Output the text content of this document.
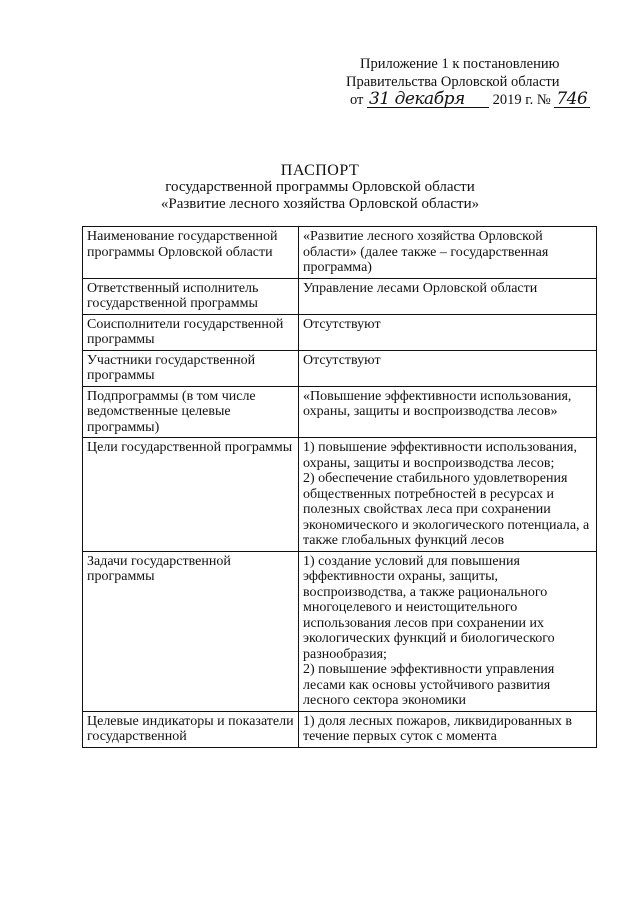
Приложение 1 к постановлению
Правительства Орловской области
от 31 декабря 2019 г. № 746
ПАСПОРТ
государственной программы Орловской области
«Развитие лесного хозяйства Орловской области»
Наименование государственной программы Орловской области	«Развитие лесного хозяйства Орловской области» (далее также – государственная программа)
Ответственный исполнитель государственной программы	Управление лесами Орловской области
Соисполнители государственной программы	Отсутствуют
Участники государственной программы	Отсутствуют
Подпрограммы (в том числе ведомственные целевые программы)	«Повышение эффективности использования, охраны, защиты и воспроизводства лесов»
Цели государственной программы	1) повышение эффективности использования, охраны, защиты и воспроизводства лесов;
2) обеспечение стабильного удовлетворения общественных потребностей в ресурсах и полезных свойствах леса при сохранении экономического и экологического потенциала, а также глобальных функций лесов

Задачи государственной программы	1) создание условий для повышения эффективности охраны, защиты, воспроизводства, а также рационального многоцелевого и неистощительного использования лесов при сохранении их экологических функций и биологического разнообразия;
2) повышение эффективности управления лесами как основы устойчивого развития лесного сектора экономики

Целевые индикаторы и показатели государственной	1) доля лесных пожаров, ликвидированных в течение первых суток с момента
